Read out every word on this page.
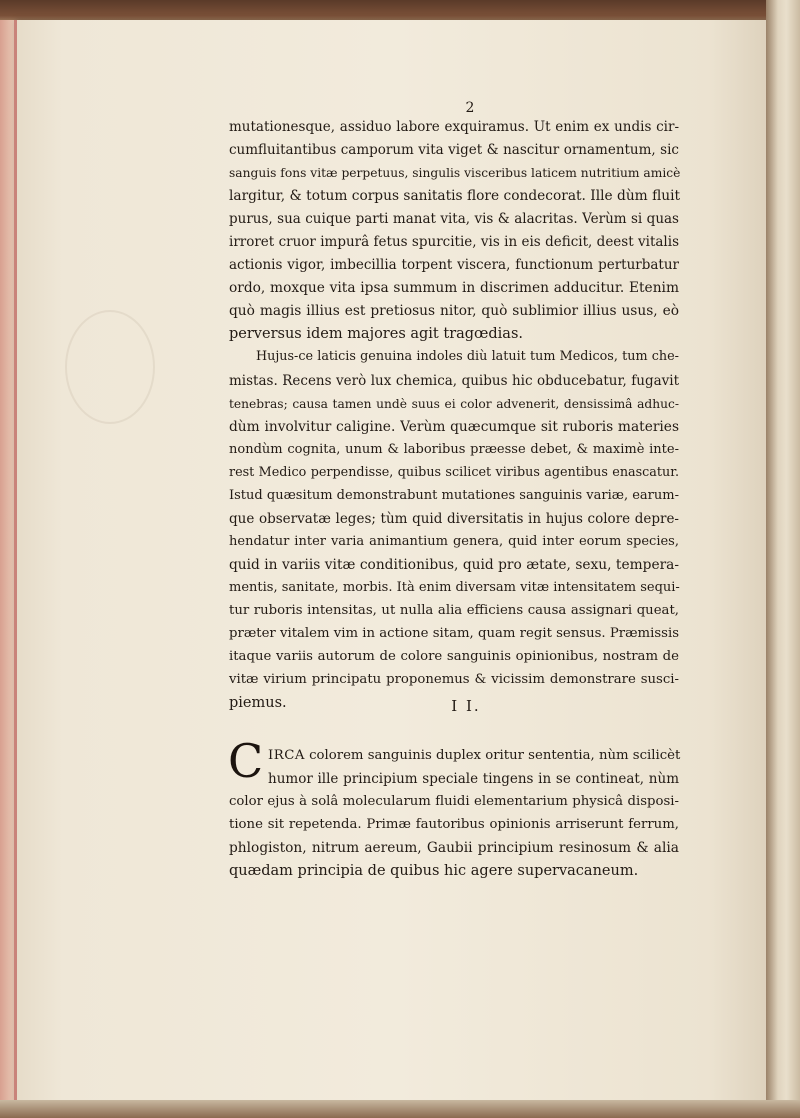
2
mutationesque, assiduo labore exquiramus. Ut enim ex undis cir-
cumfluitantibus camporum vita viget & nascitur ornamentum, sic
sanguis fons vitæ perpetuus, singulis visceribus laticem nutritium amicè
largitur, & totum corpus sanitatis flore condecorat. Ille dùm fluit
purus, sua cuique parti manat vita, vis & alacritas. Verùm si quas
irroret cruor impurâ fetus spurcitie, vis in eis deficit, deest vitalis
actionis vigor, imbecillia torpent viscera, functionum perturbatur
ordo, moxque vita ipsa summum in discrimen adducitur. Etenim
quò magis illius est pretiosus nitor, quò sublimior illius usus, eò
perversus idem majores agit tragœdias.
Hujus-ce laticis genuina indoles diù latuit tum Medicos, tum che-
mistas. Recens verò lux chemica, quibus hic obducebatur, fugavit
tenebras; causa tamen undè suus ei color advenerit, densissimâ adhuc-
dùm involvitur caligine. Verùm quæcumque sit ruboris materies
nondùm cognita, unum & laboribus præesse debet, & maximè inte-
rest Medico perpendisse, quibus scilicet viribus agentibus enascatur.
Istud quæsitum demonstrabunt mutationes sanguinis variæ, earum-
que observatæ leges; tùm quid diversitatis in hujus colore depre-
hendatur inter varia animantium genera, quid inter eorum species,
quid in variis vitæ conditionibus, quid pro ætate, sexu, tempera-
mentis, sanitate, morbis. Ità enim diversam vitæ intensitatem sequi-
tur ruboris intensitas, ut nulla alia efficiens causa assignari queat,
præter vitalem vim in actione sitam, quam regit sensus. Præmissis
itaque variis autorum de colore sanguinis opinionibus, nostram de
vitæ virium principatu proponemus & vicissim demonstrare susci-
piemus.	I I.
C IRCA colorem sanguinis duplex oritur sententia, nùm scilicèt
humor ille principium speciale tingens in se contineat, nùm
color ejus à solâ molecularum fluidi elementarium physicâ disposi-
tione sit repetenda. Primæ fautoribus opinionis arriserunt ferrum,
phlogiston, nitrum aereum, Gaubii principium resinosum & alia
quædam principia de quibus hic agere supervacaneum.
